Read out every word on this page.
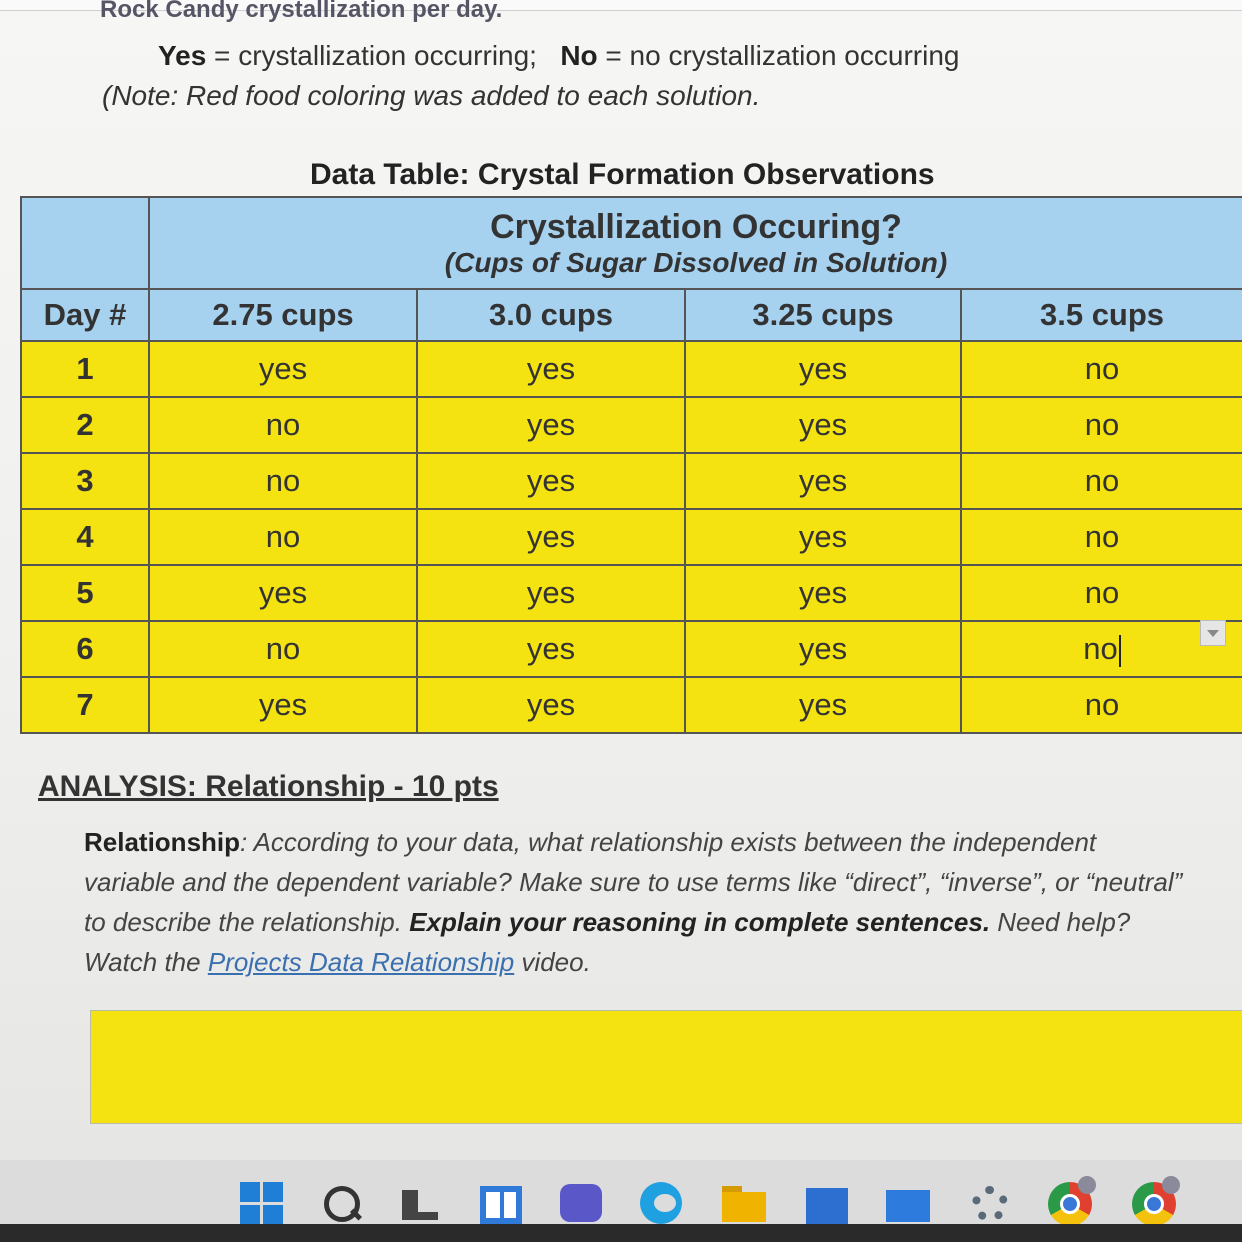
Rock Candy crystallization per day.
Yes = crystallization occurring;   No = no crystallization occurring
(Note: Red food coloring was added to each solution.
Data Table: Crystal Formation Observations

	Crystallization Occuring?
(Cups of Sugar Dissolved in Solution)			

Day #	2.75 cups	3.0 cups	3.25 cups	3.5 cups
1	yes	yes	yes	no
2	no	yes	yes	no
3	no	yes	yes	no
4	no	yes	yes	no
5	yes	yes	yes	no
6	no	yes	yes	no
7	yes	yes	yes	no
ANALYSIS: Relationship - 10 pts
Relationship: According to your data, what relationship exists between the independent variable and the dependent variable? Make sure to use terms like “direct”, “inverse”, or “neutral” to describe the relationship. Explain your reasoning in complete sentences. Need help? Watch the Projects Data Relationship video.
